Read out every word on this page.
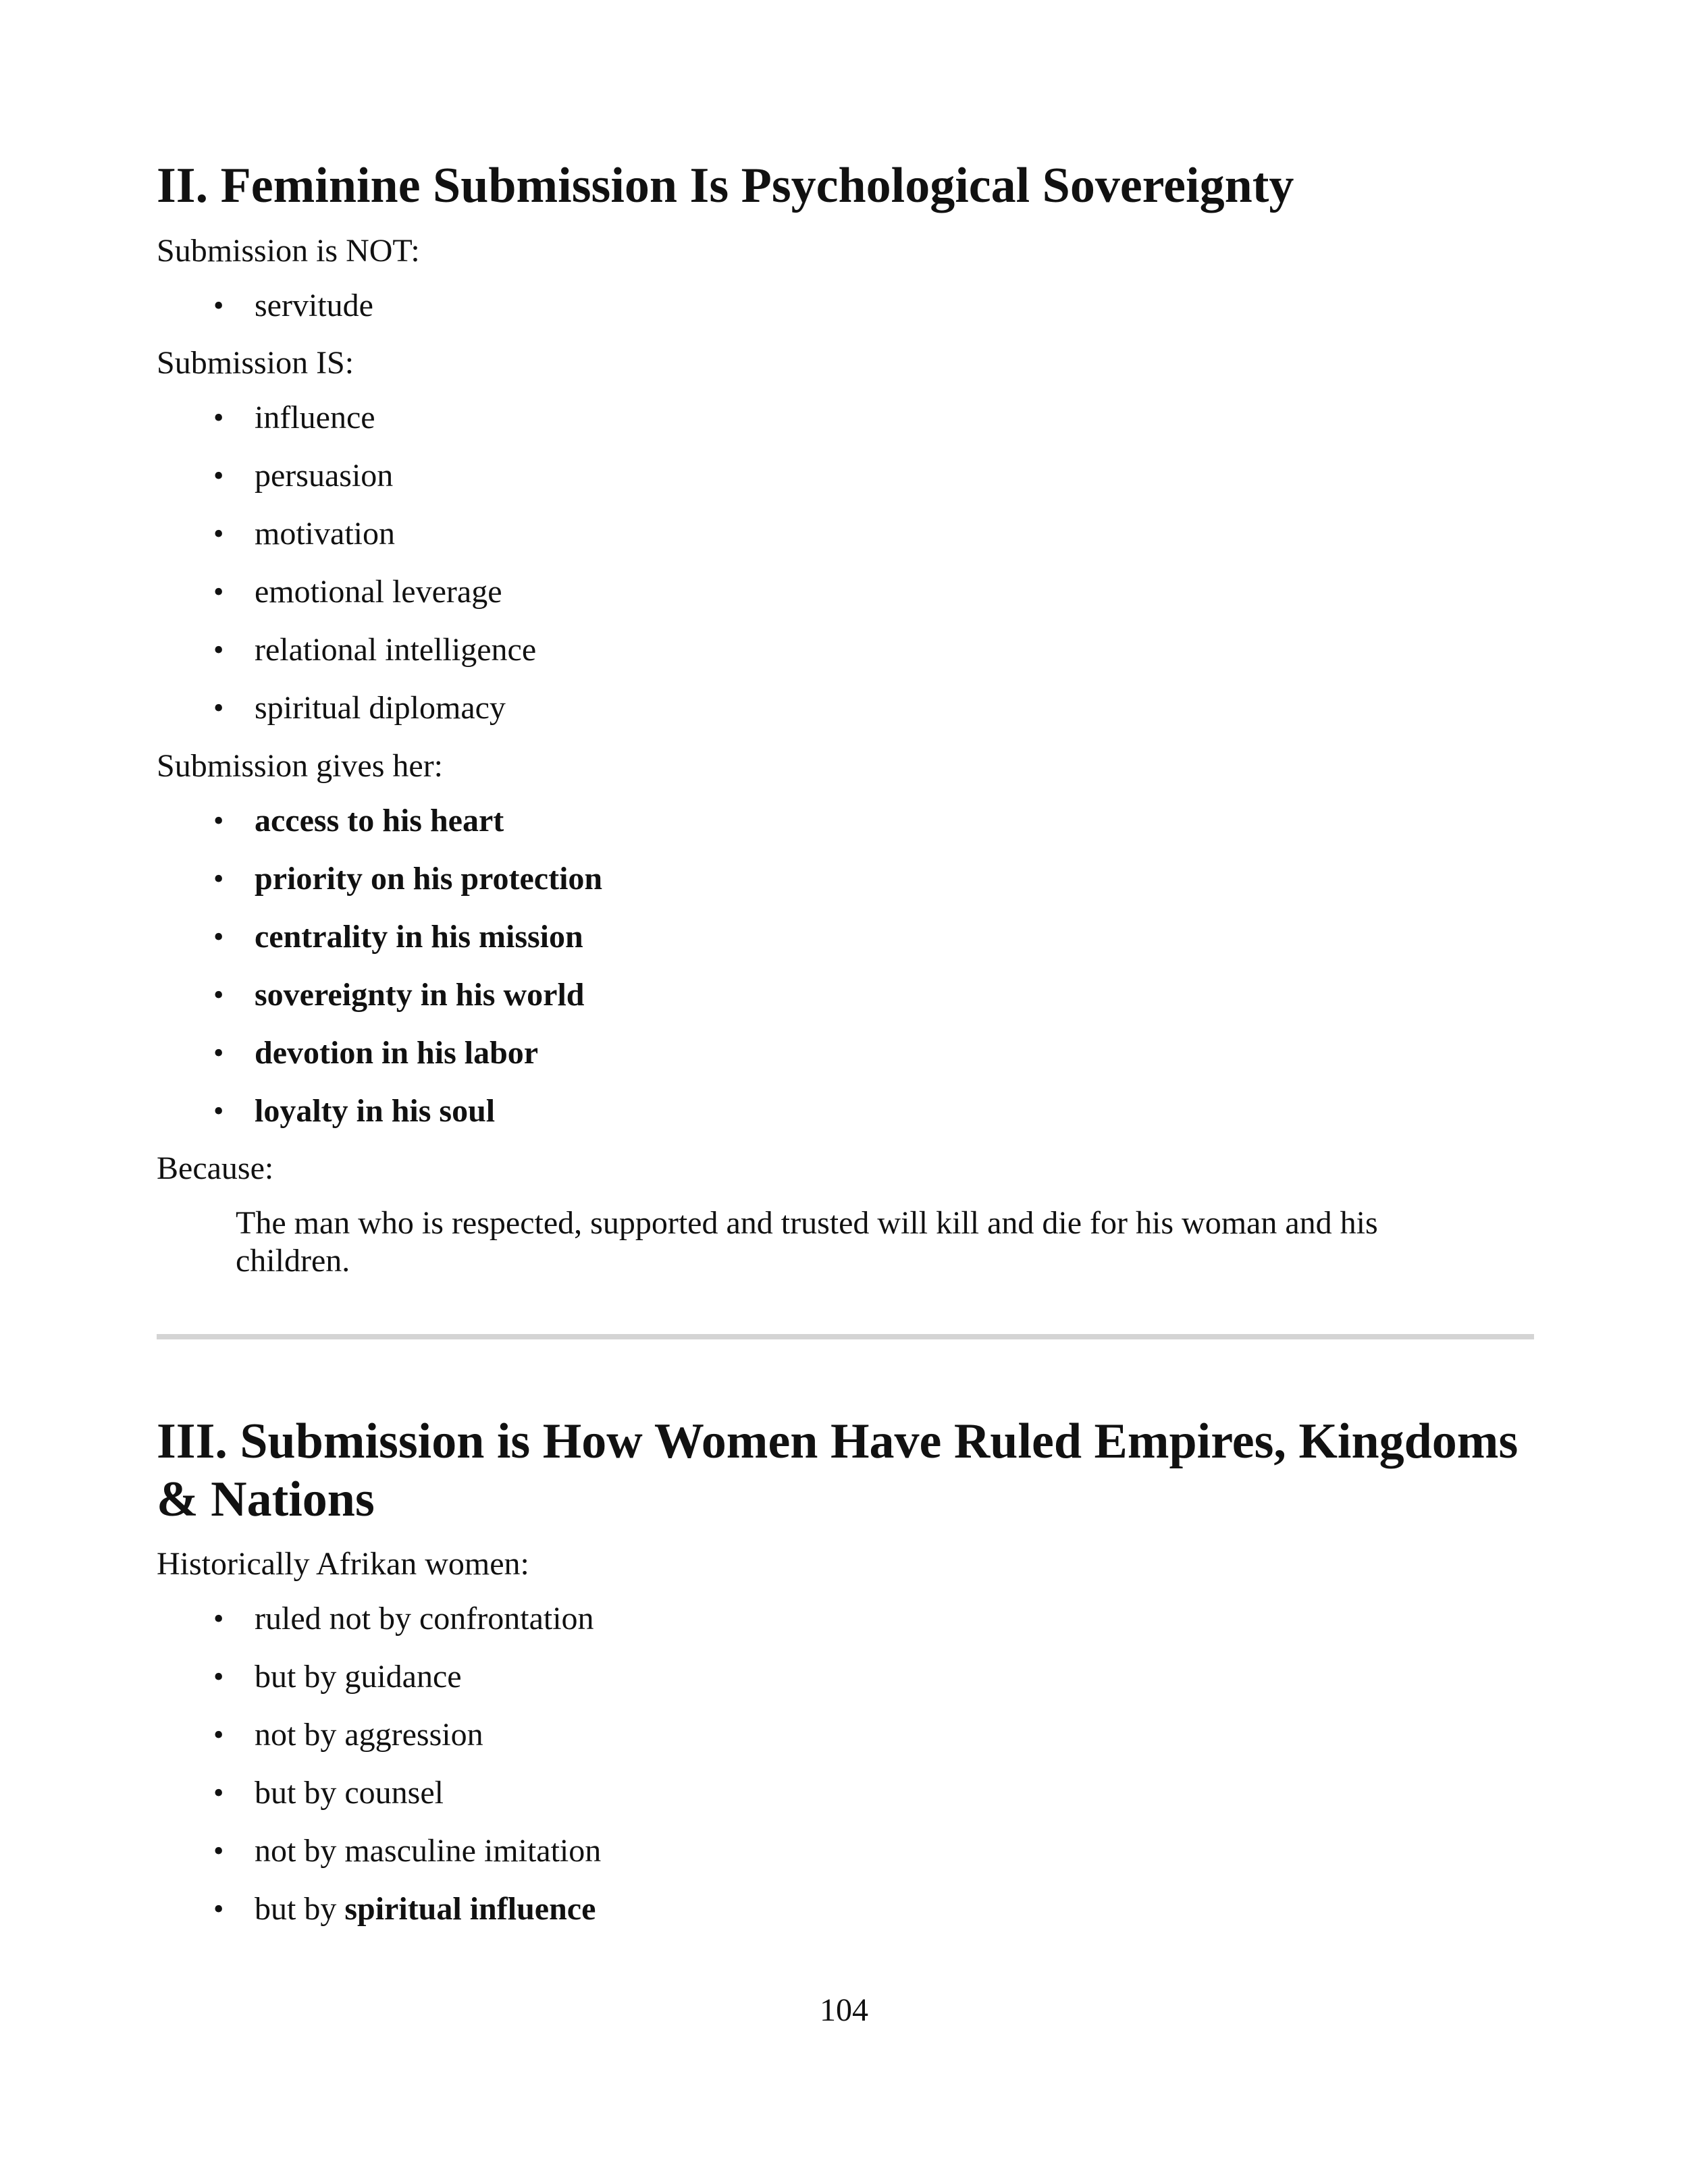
II. Feminine Submission Is Psychological Sovereignty

Submission is NOT:

• servitude

Submission IS:

• influence
• persuasion
• motivation
• emotional leverage
• relational intelligence
• spiritual diplomacy

Submission gives her:

• access to his heart
• priority on his protection
• centrality in his mission
• sovereignty in his world
• devotion in his labor
• loyalty in his soul

Because:

The man who is respected, supported and trusted will kill and die for his woman and his children.

III. Submission is How Women Have Ruled Empires, Kingdoms & Nations

Historically Afrikan women:

• ruled not by confrontation
• but by guidance
• not by aggression
• but by counsel
• not by masculine imitation
• but by spiritual influence
104
